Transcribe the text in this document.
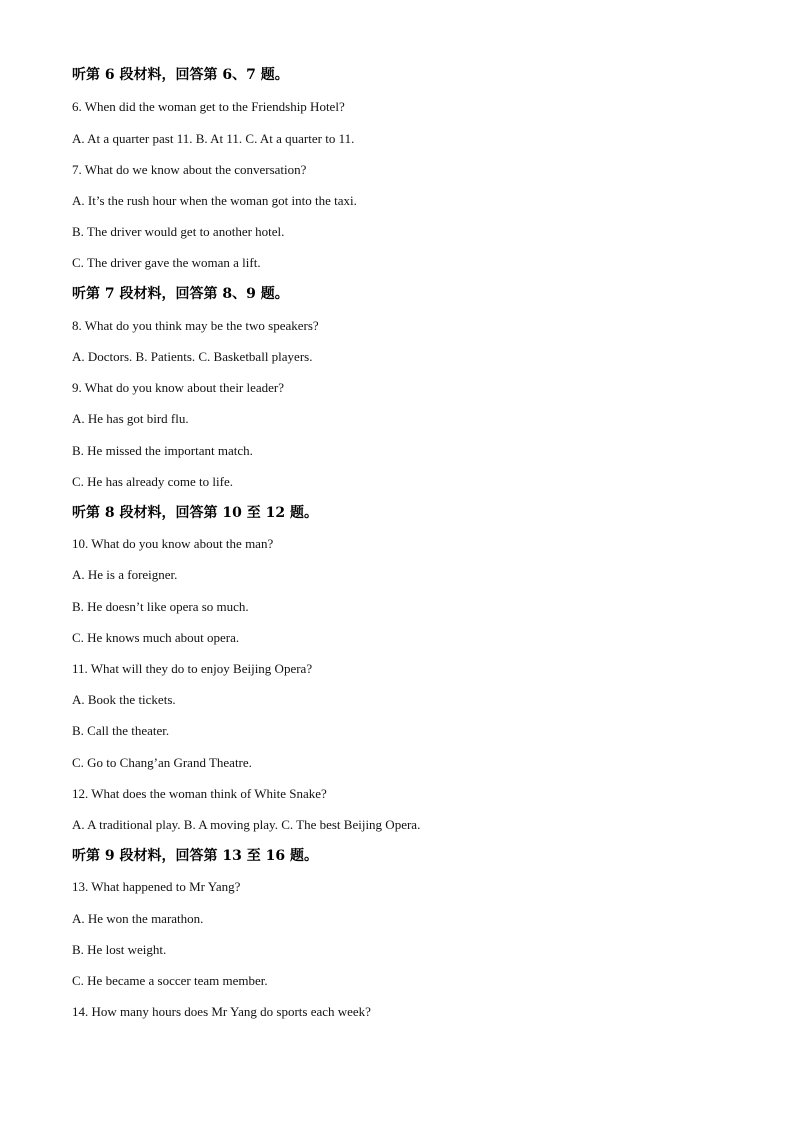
听第 6 段材料，回答第 6、7 题。
6. When did the woman get to the Friendship Hotel?
A. At a quarter past 11. B. At 11. C. At a quarter to 11.
7. What do we know about the conversation?
A. It’s the rush hour when the woman got into the taxi.
B. The driver would get to another hotel.
C. The driver gave the woman a lift.
听第 7 段材料，回答第 8、9 题。
8. What do you think may be the two speakers?
A. Doctors. B. Patients. C. Basketball players.
9. What do you know about their leader?
A. He has got bird flu.
B. He missed the important match.
C. He has already come to life.
听第 8 段材料，回答第 10 至 12 题。
10. What do you know about the man?
A. He is a foreigner.
B. He doesn’t like opera so much.
C. He knows much about opera.
11. What will they do to enjoy Beijing Opera?
A. Book the tickets.
B. Call the theater.
C. Go to Chang’an Grand Theatre.
12. What does the woman think of White Snake?
A. A traditional play. B. A moving play. C. The best Beijing Opera.
听第 9 段材料，回答第 13 至 16 题。
13. What happened to Mr Yang?
A. He won the marathon.
B. He lost weight.
C. He became a soccer team member.
14. How many hours does Mr Yang do sports each week?
